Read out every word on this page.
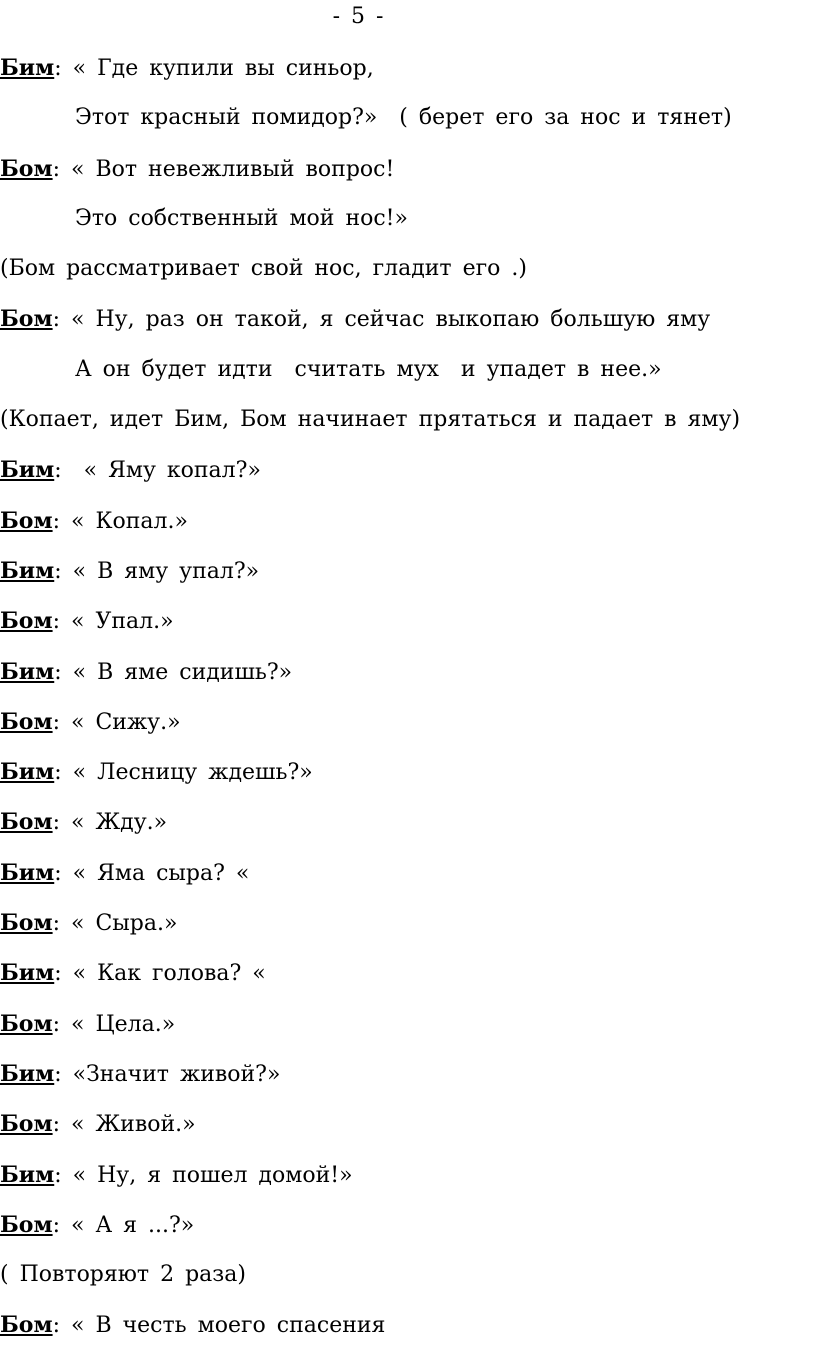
- 5 -
Бим: « Где купили вы синьор,
Этот красный помидор?»  ( берет его за нос и тянет)
Бом: « Вот невежливый вопрос!
Это собственный мой нос!»
(Бом рассматривает свой нос, гладит его .)
Бом: « Ну, раз он такой, я сейчас выкопаю большую яму
А он будет идти  считать мух  и упадет в нее.»
(Копает, идет Бим, Бом начинает прятаться и падает в яму)
Бим:  « Яму копал?»
Бом: « Копал.»
Бим: « В яму упал?»
Бом: « Упал.»
Бим: « В яме сидишь?»
Бом: « Сижу.»
Бим: « Лесницу ждешь?»
Бом: « Жду.»
Бим: « Яма сыра? «
Бом: « Сыра.»
Бим: « Как голова? «
Бом: « Цела.»
Бим: «Значит живой?»
Бом: « Живой.»
Бим: « Ну, я пошел домой!»
Бом: « А я ...?»
( Повторяют 2 раза)
Бом: « В честь моего спасения
